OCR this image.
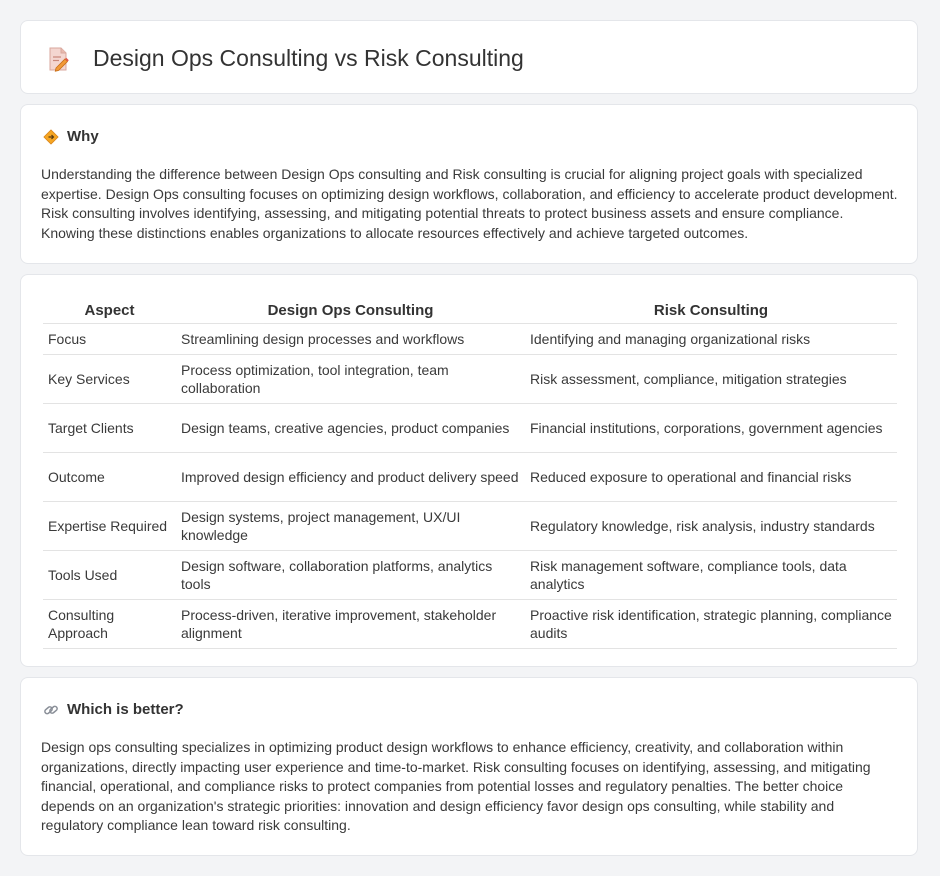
Design Ops Consulting vs Risk Consulting
Why

Understanding the difference between Design Ops consulting and Risk consulting is crucial for aligning project goals with specialized expertise. Design Ops consulting focuses on optimizing design workflows, collaboration, and efficiency to accelerate product development. Risk consulting involves identifying, assessing, and mitigating potential threats to protect business assets and ensure compliance. Knowing these distinctions enables organizations to allocate resources effectively and achieve targeted outcomes.

Aspect	Design Ops Consulting	Risk Consulting
Focus	Streamlining design processes and workflows	Identifying and managing organizational risks
Key Services	Process optimization, tool integration, team collaboration	Risk assessment, compliance, mitigation strategies
Target Clients	Design teams, creative agencies, product companies	Financial institutions, corporations, government agencies
Outcome	Improved design efficiency and product delivery speed	Reduced exposure to operational and financial risks
Expertise Required	Design systems, project management, UX/UI knowledge	Regulatory knowledge, risk analysis, industry standards
Tools Used	Design software, collaboration platforms, analytics tools	Risk management software, compliance tools, data analytics
Consulting Approach	Process-driven, iterative improvement, stakeholder alignment	Proactive risk identification, strategic planning, compliance audits
Which is better?

Design ops consulting specializes in optimizing product design workflows to enhance efficiency, creativity, and collaboration within organizations, directly impacting user experience and time-to-market. Risk consulting focuses on identifying, assessing, and mitigating financial, operational, and compliance risks to protect companies from potential losses and regulatory penalties. The better choice depends on an organization's strategic priorities: innovation and design efficiency favor design ops consulting, while stability and regulatory compliance lean toward risk consulting.
